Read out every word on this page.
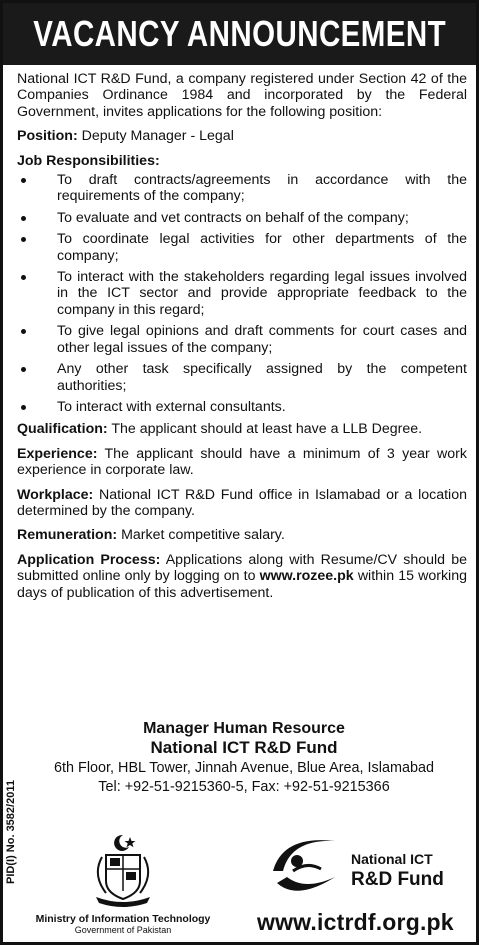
VACANCY ANNOUNCEMENT

National ICT R&D Fund, a company registered under Section 42 of the Companies Ordinance 1984 and incorporated by the Federal Government, invites applications for the following position:

Position: Deputy Manager - Legal

Job Responsibilities:

To draft contracts/agreements in accordance with the requirements of the company;
To evaluate and vet contracts on behalf of the company;
To coordinate legal activities for other departments of the company;
To interact with the stakeholders regarding legal issues involved in the ICT sector and provide appropriate feedback to the company in this regard;
To give legal opinions and draft comments for court cases and other legal issues of the company;
Any other task specifically assigned by the competent authorities;
To interact with external consultants.

Qualification: The applicant should at least have a LLB Degree.

Experience: The applicant should have a minimum of 3 year work experience in corporate law.

Workplace: National ICT R&D Fund office in Islamabad or a location determined by the company.

Remuneration: Market competitive salary.

Application Process: Applications along with Resume/CV should be submitted online only by logging on to www.rozee.pk within 15 working days of publication of this advertisement.

Manager Human Resource
National ICT R&D Fund
6th Floor, HBL Tower, Jinnah Avenue, Blue Area, Islamabad
Tel: +92-51-9215360-5, Fax: +92-51-9215366
PID(I) No. 3582/2011
Ministry of Information Technology
Government of Pakistan
National ICT
R&D Fund
www.ictrdf.org.pk
